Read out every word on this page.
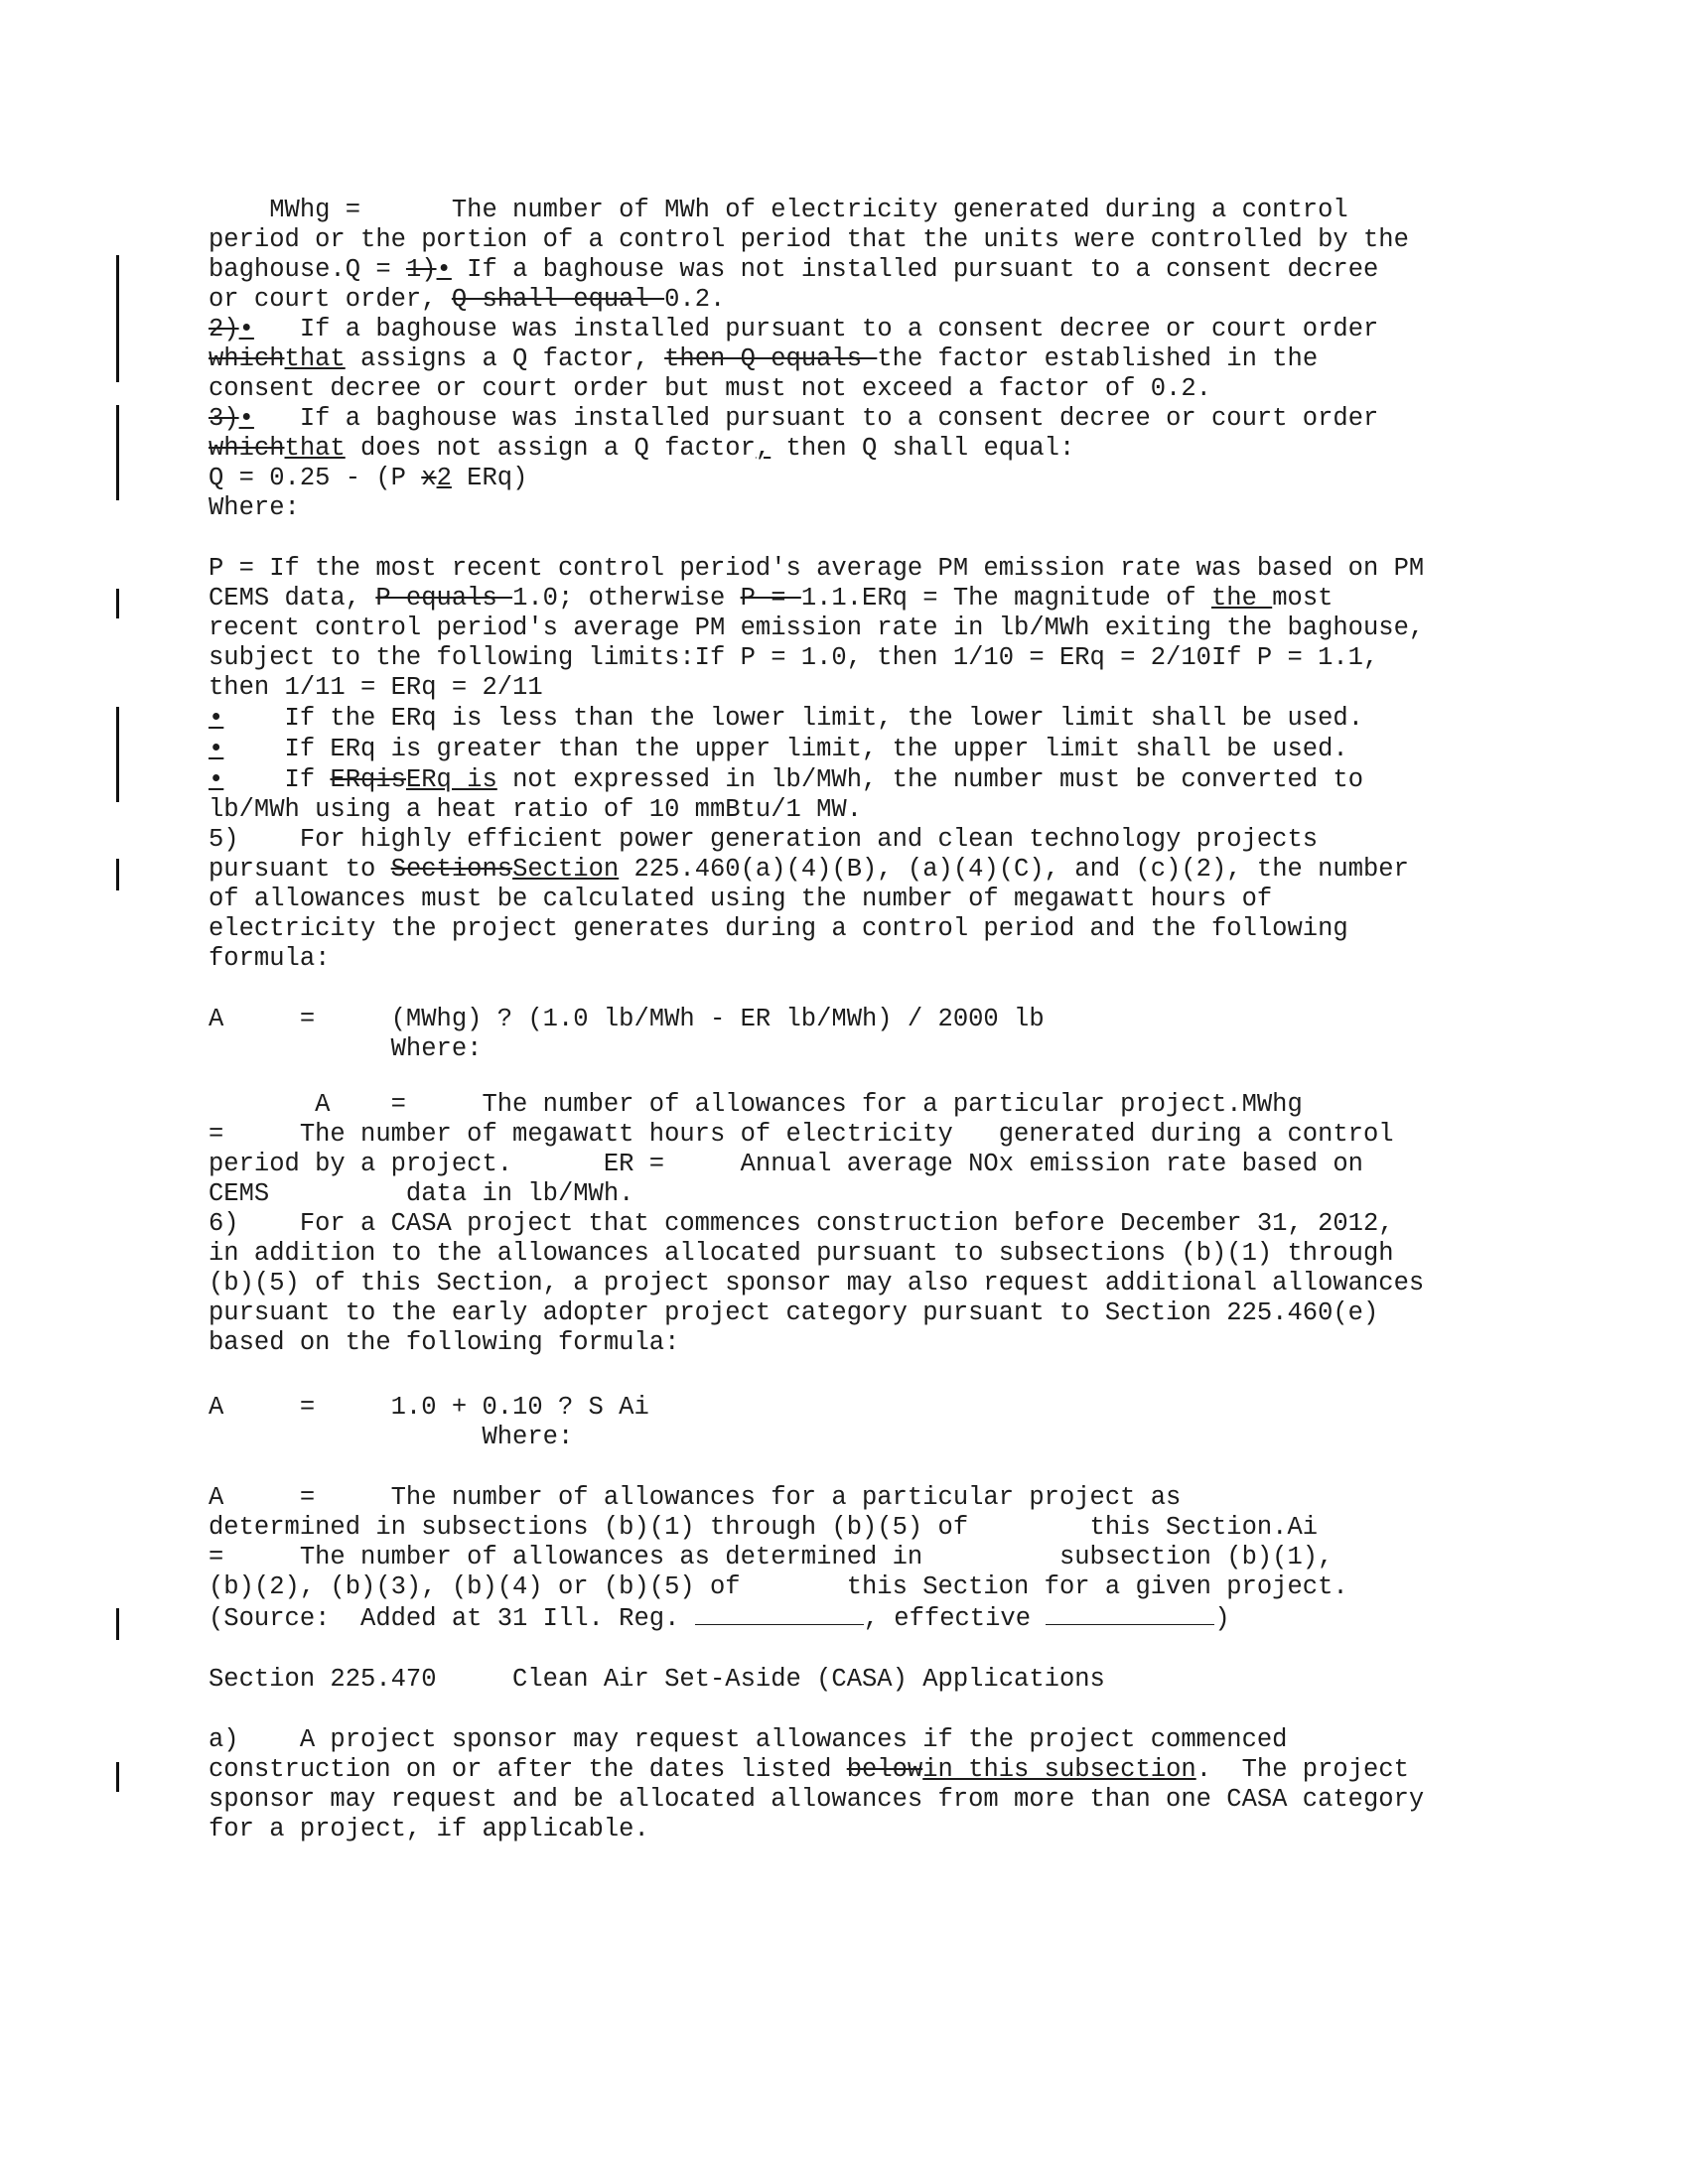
MWhg =      The number of MWh of electricity generated during a control
period or the portion of a control period that the units were controlled by the
baghouse.Q = 1)• If a baghouse was not installed pursuant to a consent decree
or court order, Q shall equal 0.2.
2)•   If a baghouse was installed pursuant to a consent decree or court order
whichthat assigns a Q factor, then Q equals the factor established in the
consent decree or court order but must not exceed a factor of 0.2.
3)•   If a baghouse was installed pursuant to a consent decree or court order
whichthat does not assign a Q factor, then Q shall equal:
Q = 0.25 - (P x2 ERq)
Where:
P = If the most recent control period's average PM emission rate was based on PM
CEMS data, P equals 1.0; otherwise P = 1.1.ERq = The magnitude of the most
recent control period's average PM emission rate in lb/MWh exiting the baghouse,
subject to the following limits:If P = 1.0, then 1/10 = ERq = 2/10If P = 1.1,
then 1/11 = ERq = 2/11
•    If the ERq is less than the lower limit, the lower limit shall be used.
•    If ERq is greater than the upper limit, the upper limit shall be used.
•    If ERqisERq is not expressed in lb/MWh, the number must be converted to
lb/MWh using a heat ratio of 10 mmBtu/1 MW.
5)    For highly efficient power generation and clean technology projects
pursuant to SectionsSection 225.460(a)(4)(B), (a)(4)(C), and (c)(2), the number
of allowances must be calculated using the number of megawatt hours of
electricity the project generates during a control period and the following
formula:
A     =     (MWhg) ? (1.0 lb/MWh - ER lb/MWh) / 2000 lb
Where:
A    =     The number of allowances for a particular project.MWhg
=     The number of megawatt hours of electricity   generated during a control
period by a project.      ER =     Annual average NOx emission rate based on
CEMS         data in lb/MWh.
6)    For a CASA project that commences construction before December 31, 2012,
in addition to the allowances allocated pursuant to subsections (b)(1) through
(b)(5) of this Section, a project sponsor may also request additional allowances
pursuant to the early adopter project category pursuant to Section 225.460(e)
based on the following formula:
A     =     1.0 + 0.10 ? S Ai
Where:
A     =     The number of allowances for a particular project as
determined in subsections (b)(1) through (b)(5) of        this Section.Ai
=     The number of allowances as determined in         subsection (b)(1),
(b)(2), (b)(3), (b)(4) or (b)(5) of       this Section for a given project.
(Source:  Added at 31 Ill. Reg.	, effective	)
Section 225.470     Clean Air Set-Aside (CASA) Applications
a)    A project sponsor may request allowances if the project commenced
construction on or after the dates listed belowin this subsection.  The project
sponsor may request and be allocated allowances from more than one CASA category
for a project, if applicable.
